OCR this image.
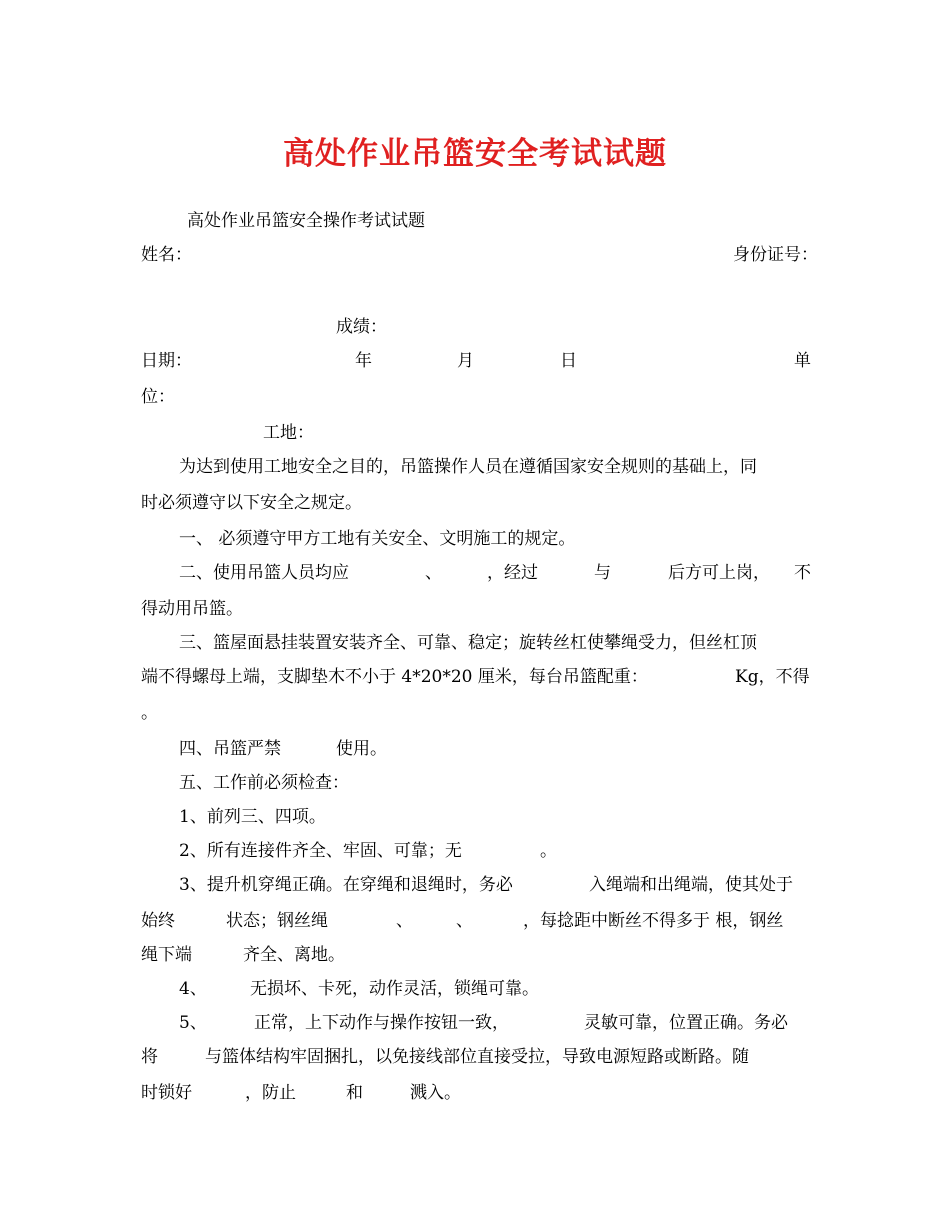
高处作业吊篮安全考试试题
高处作业吊篮安全操作考试试题
姓名：	身份证号：
成绩：
日期：	年	月	日	单
位：
工地：
为达到使用工地安全之目的，吊篮操作人员在遵循国家安全规则的基础上，同
时必须遵守以下安全之规定。
一、 必须遵守甲方工地有关安全、文明施工的规定。
二、使用吊篮人员均应	、	，经过	与	后方可上岗， 不
得动用吊篮。
三、篮屋面悬挂装置安装齐全、可靠、稳定；旋转丝杠使攀绳受力，但丝杠顶
端不得螺母上端，支脚垫木不小于 4*20*20 厘米，每台吊篮配重：	Kg，不得
。
四、吊篮严禁	使用。
五、工作前必须检查：
1、前列三、四项。
2、所有连接件齐全、牢固、可靠；无	。
3、提升机穿绳正确。在穿绳和退绳时，务必	入绳端和出绳端，使其处于
始终	状态；钢丝绳	、	、	，每捻距中断丝不得多于 根，钢丝
绳下端	齐全、离地。
4、	无损坏、卡死，动作灵活，锁绳可靠。
5、	正常，上下动作与操作按钮一致，	灵敏可靠，位置正确。务必
将	与篮体结构牢固捆扎，以免接线部位直接受拉，导致电源短路或断路。随
时锁好	，防止	和	溅入。
